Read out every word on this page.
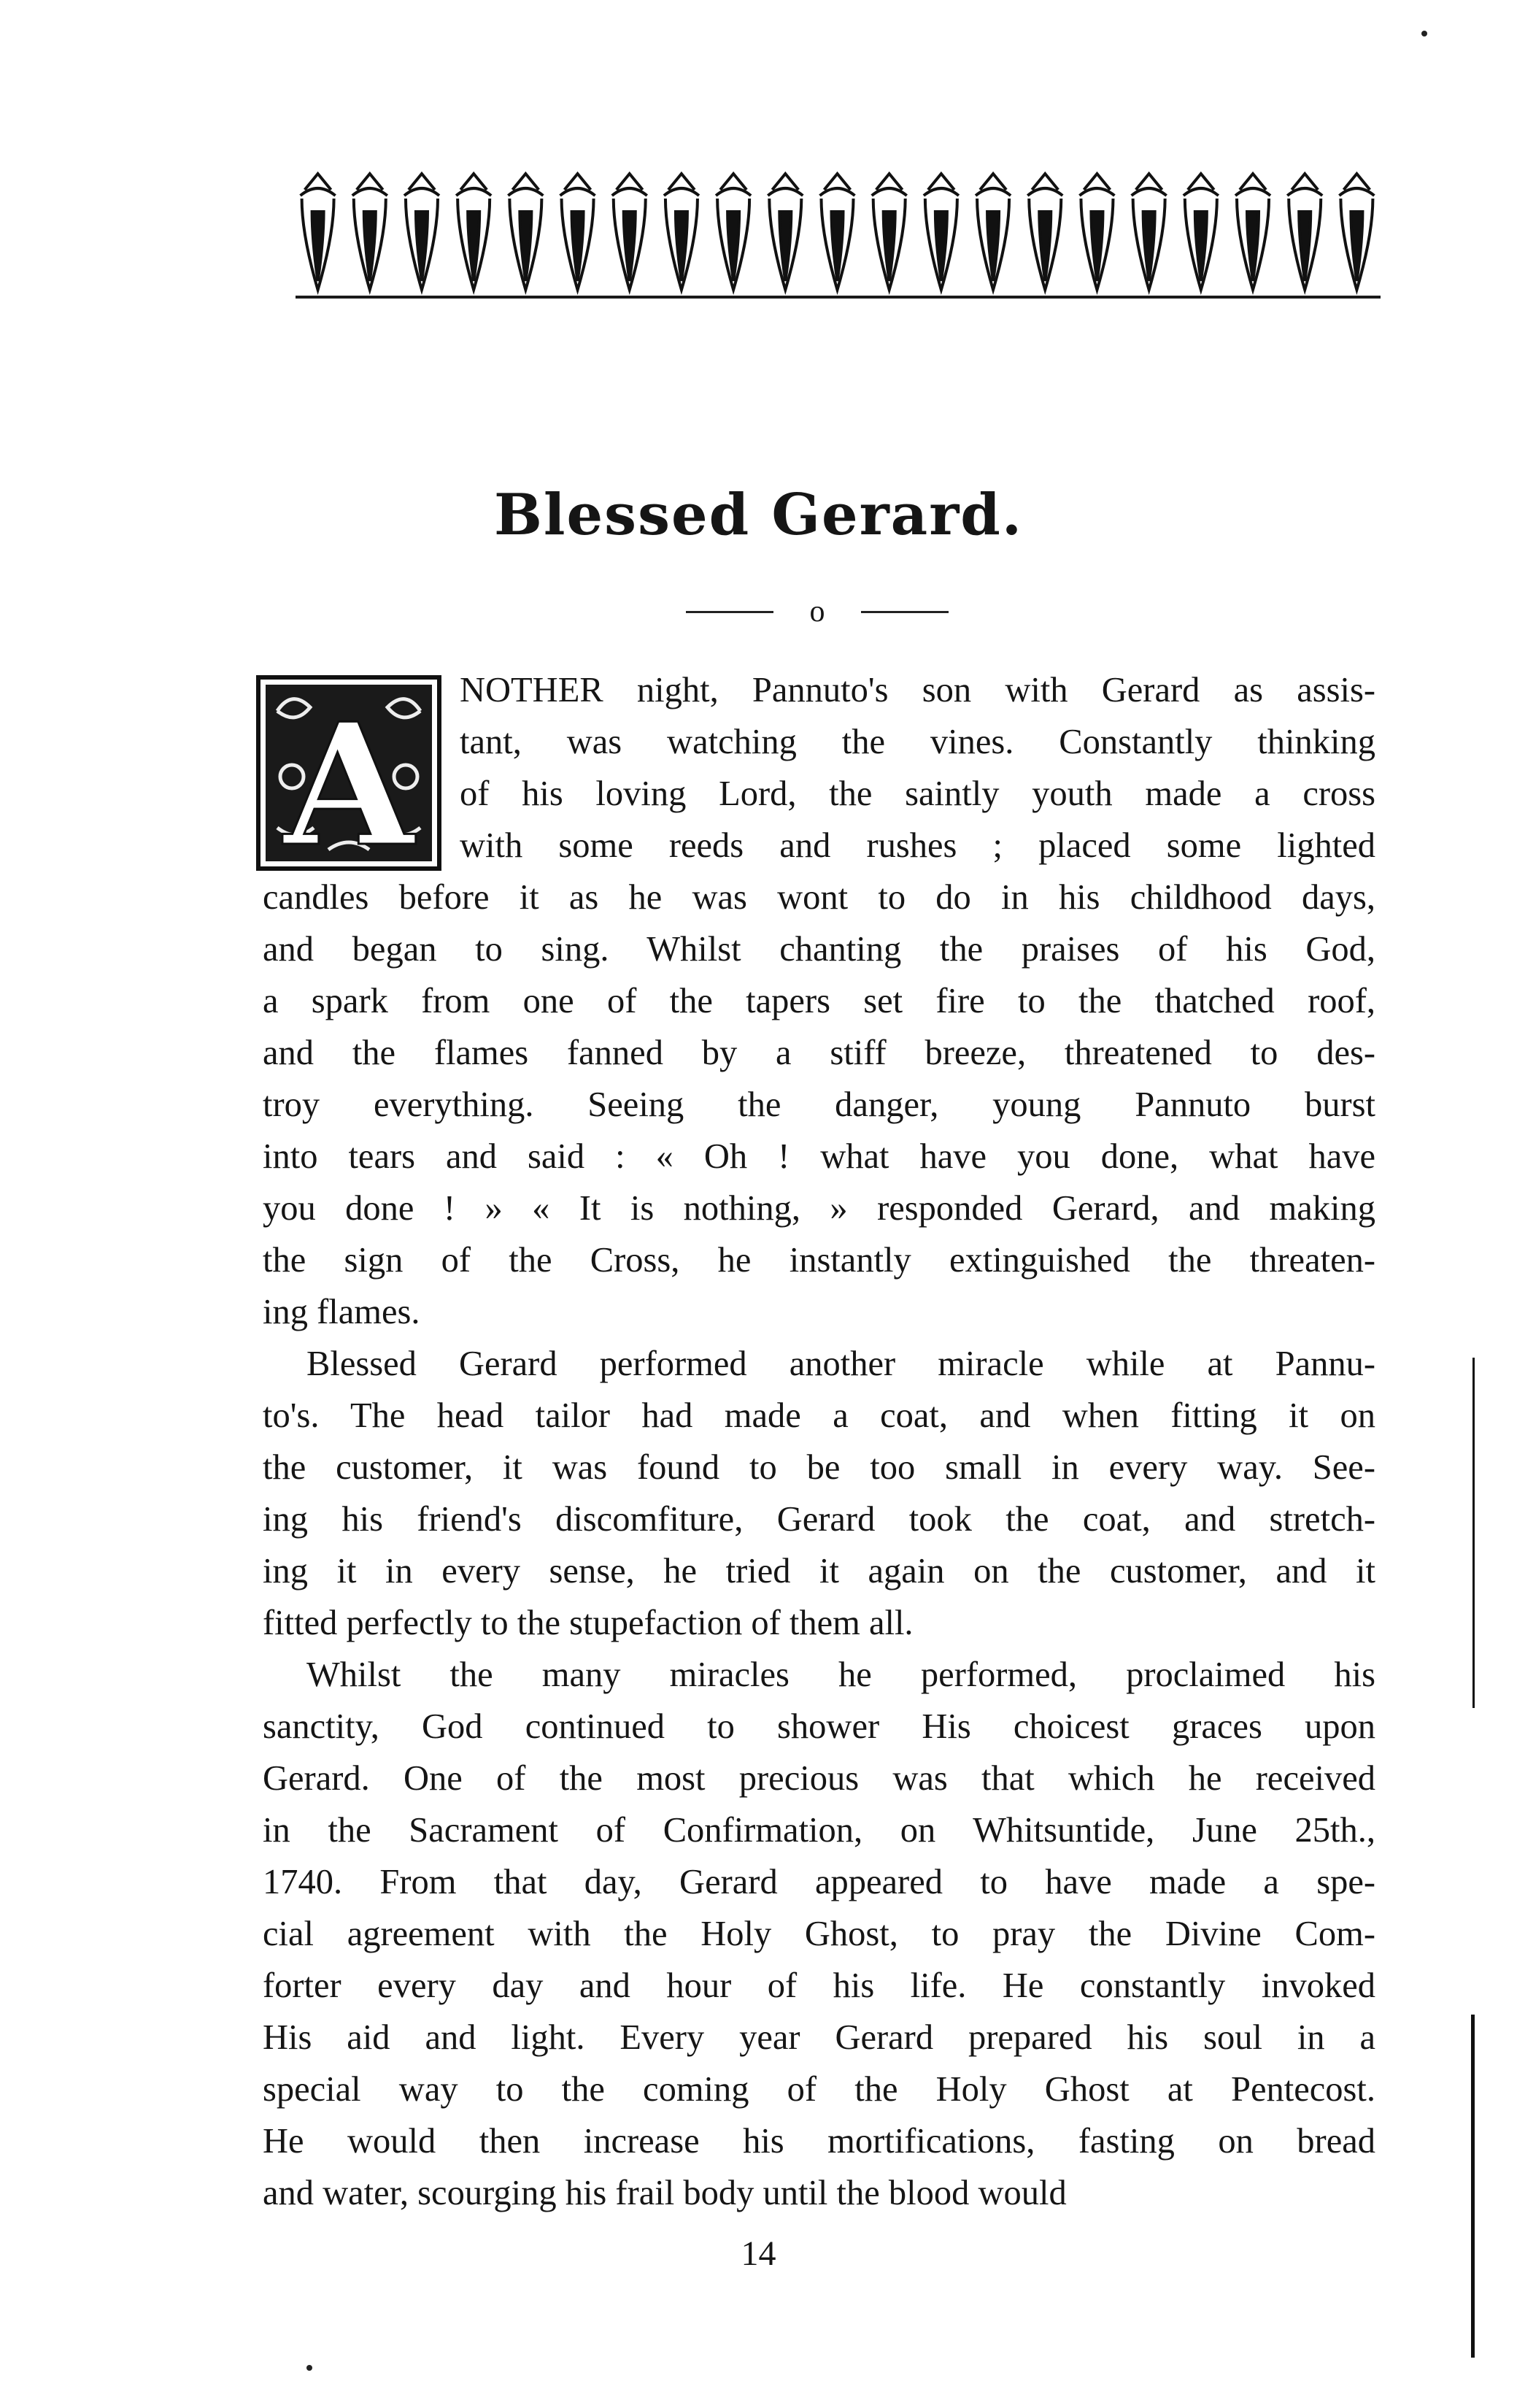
Blessed Gerard.
o
A NOTHER night, Pannuto's son with Gerard as assis-
tant, was watching the vines. Constantly thinking
of his loving Lord, the saintly youth made a cross
with some reeds and rushes ; placed some lighted
candles before it as he was wont to do in his childhood days,
and began to sing. Whilst chanting the praises of his God,
a spark from one of the tapers set fire to the thatched roof,
and the flames fanned by a stiff breeze, threatened to des-
troy everything. Seeing the danger, young Pannuto burst
into tears and said : « Oh ! what have you done, what have
you done ! » « It is nothing, » responded Gerard, and making
the sign of the Cross, he instantly extinguished the threaten-
ing flames.
Blessed Gerard performed another miracle while at Pannu-
to's. The head tailor had made a coat, and when fitting it on
the customer, it was found to be too small in every way. See-
ing his friend's discomfiture, Gerard took the coat, and stretch-
ing it in every sense, he tried it again on the customer, and it
fitted perfectly to the stupefaction of them all.
Whilst the many miracles he performed, proclaimed his
sanctity, God continued to shower His choicest graces upon
Gerard. One of the most precious was that which he received
in the Sacrament of Confirmation, on Whitsuntide, June 25th.,
1740. From that day, Gerard appeared to have made a spe-
cial agreement with the Holy Ghost, to pray the Divine Com-
forter every day and hour of his life. He constantly invoked
His aid and light. Every year Gerard prepared his soul in a
special way to the coming of the Holy Ghost at Pentecost.
He would then increase his mortifications, fasting on bread
and water, scourging his frail body until the blood would
14
